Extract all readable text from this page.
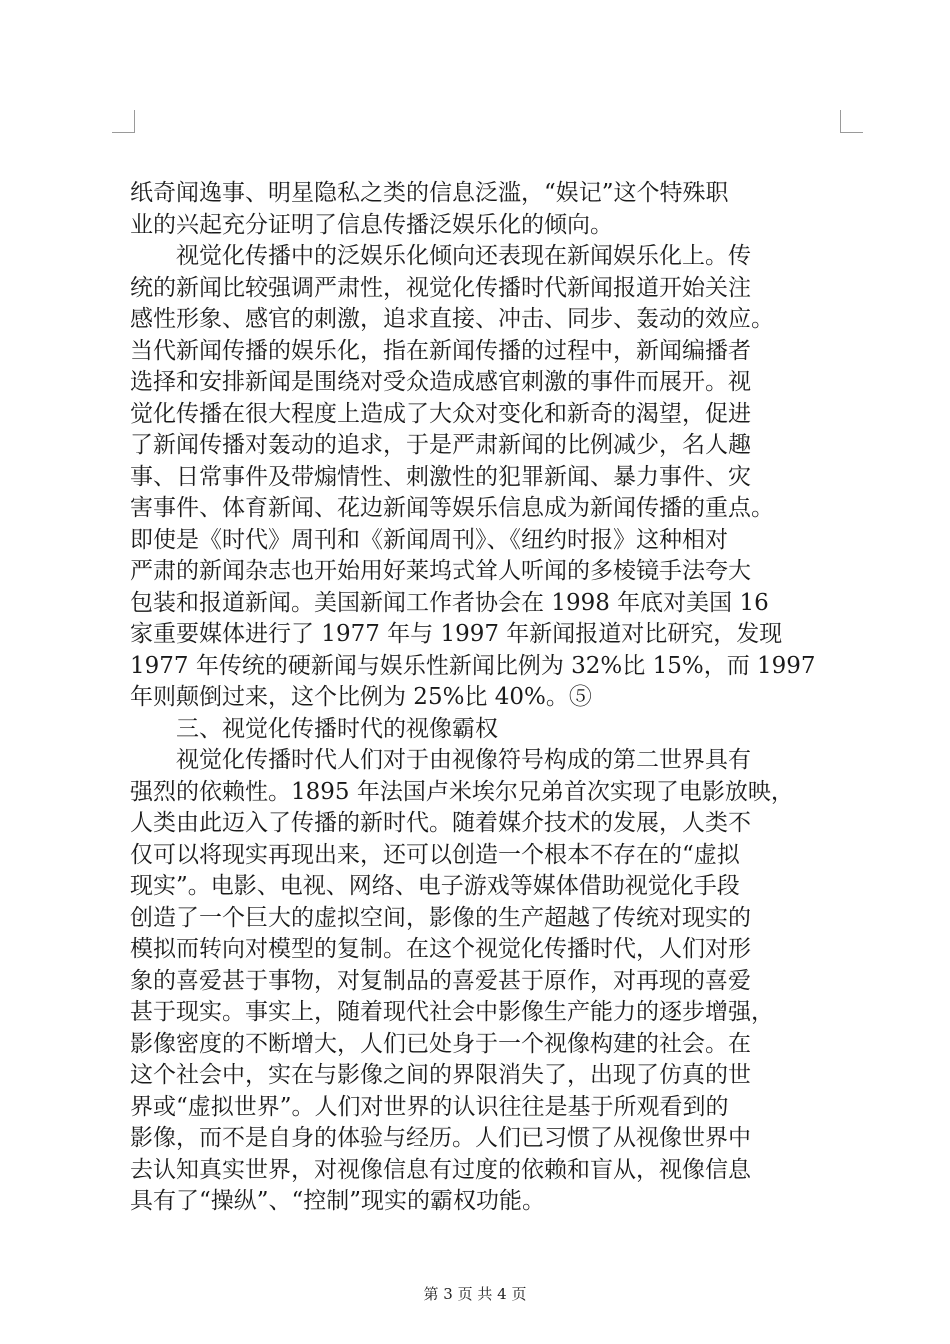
纸奇闻逸事、明星隐私之类的信息泛滥，“娱记”这个特殊职
业的兴起充分证明了信息传播泛娱乐化的倾向。
视觉化传播中的泛娱乐化倾向还表现在新闻娱乐化上。传
统的新闻比较强调严肃性，视觉化传播时代新闻报道开始关注
感性形象、感官的刺激，追求直接、冲击、同步、轰动的效应。
当代新闻传播的娱乐化，指在新闻传播的过程中，新闻编播者
选择和安排新闻是围绕对受众造成感官刺激的事件而展开。视
觉化传播在很大程度上造成了大众对变化和新奇的渴望，促进
了新闻传播对轰动的追求，于是严肃新闻的比例减少，名人趣
事、日常事件及带煽情性、刺激性的犯罪新闻、暴力事件、灾
害事件、体育新闻、花边新闻等娱乐信息成为新闻传播的重点。
即使是《时代》周刊和《新闻周刊》、《纽约时报》这种相对
严肃的新闻杂志也开始用好莱坞式耸人听闻的多棱镜手法夸大
包装和报道新闻。美国新闻工作者协会在 1998 年底对美国 16
家重要媒体进行了 1977 年与 1997 年新闻报道对比研究，发现
1977 年传统的硬新闻与娱乐性新闻比例为 32%比 15%，而 1997
年则颠倒过来，这个比例为 25%比 40%。⑤
三、视觉化传播时代的视像霸权
视觉化传播时代人们对于由视像符号构成的第二世界具有
强烈的依赖性。1895 年法国卢米埃尔兄弟首次实现了电影放映，
人类由此迈入了传播的新时代。随着媒介技术的发展，人类不
仅可以将现实再现出来，还可以创造一个根本不存在的“虚拟
现实”。电影、电视、网络、电子游戏等媒体借助视觉化手段
创造了一个巨大的虚拟空间，影像的生产超越了传统对现实的
模拟而转向对模型的复制。在这个视觉化传播时代，人们对形
象的喜爱甚于事物，对复制品的喜爱甚于原作，对再现的喜爱
甚于现实。事实上，随着现代社会中影像生产能力的逐步增强，
影像密度的不断增大，人们已处身于一个视像构建的社会。在
这个社会中，实在与影像之间的界限消失了，出现了仿真的世
界或“虚拟世界”。人们对世界的认识往往是基于所观看到的
影像，而不是自身的体验与经历。人们已习惯了从视像世界中
去认知真实世界，对视像信息有过度的依赖和盲从，视像信息
具有了“操纵”、“控制”现实的霸权功能。
第 3 页 共 4 页
